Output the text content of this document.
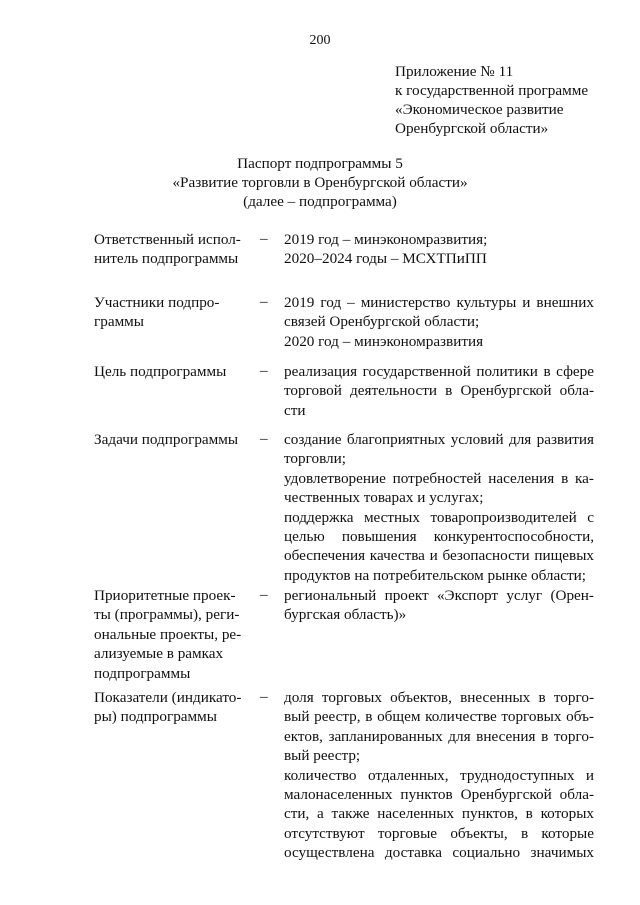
200
Приложение № 11
к государственной программе
«Экономическое развитие
Оренбургской области»
Паспорт подпрограммы 5
«Развитие торговли в Оренбургской области»
(далее – подпрограмма)
Ответственный испол-
нитель подпрограммы
– 2019 год – минэкономразвития;
2020–2024 годы – МСХТПиПП
Участники подпро-
граммы
– 2019 год – министерство культуры и внешних
связей Оренбургской области;
2020 год – минэкономразвития
Цель подпрограммы	– реализация государственной политики в сфере
торговой деятельности в Оренбургской обла-
сти
Задачи подпрограммы	– создание благоприятных условий для развития
торговли;
удовлетворение потребностей населения в ка-
чественных товарах и услугах;
поддержка местных товаропроизводителей с
целью повышения конкурентоспособности,
обеспечения качества и безопасности пищевых
продуктов на потребительском рынке области;
Приоритетные проек-
ты (программы), реги-
ональные проекты, ре-
ализуемые в рамках
подпрограммы
– региональный проект «Экспорт услуг (Орен-
бургская область)»
Показатели (индикато-
ры) подпрограммы
– доля торговых объектов, внесенных в торго-
вый реестр, в общем количестве торговых объ-
ектов, запланированных для внесения в торго-
вый реестр;
количество отдаленных, труднодоступных и
малонаселенных пунктов Оренбургской обла-
сти, а также населенных пунктов, в которых
отсутствуют торговые объекты, в которые
осуществлена доставка социально значимых
